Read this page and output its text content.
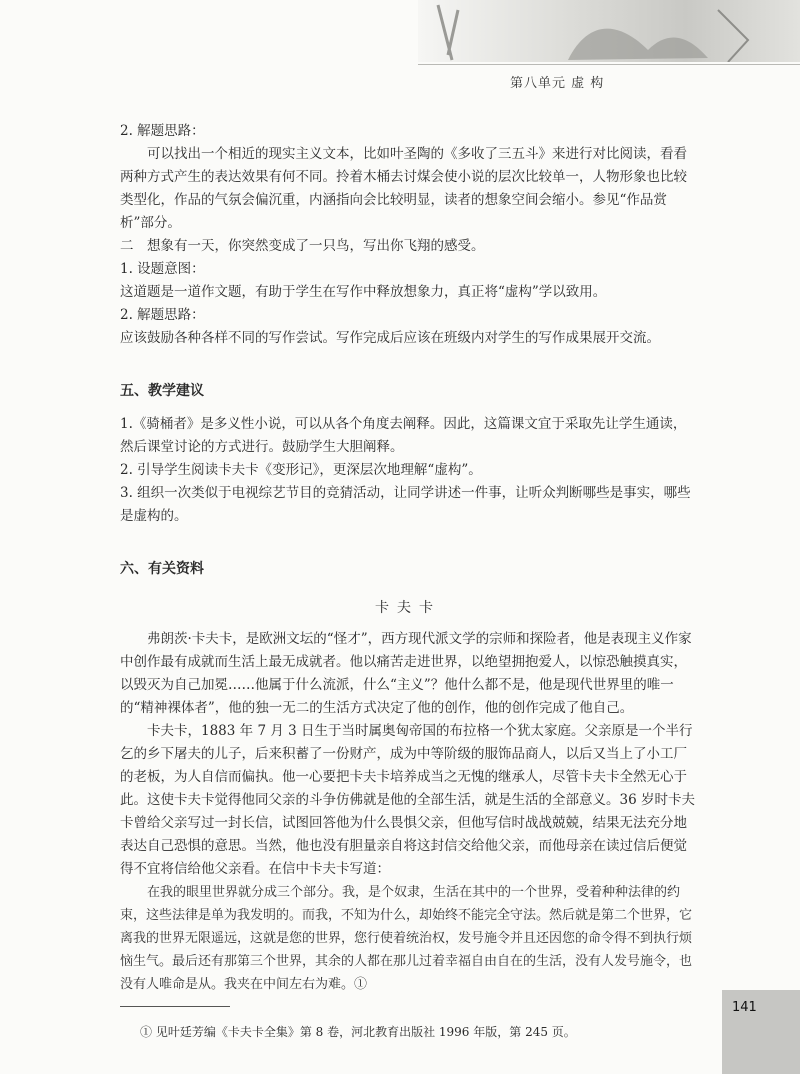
第八单元 虚 构

2. 解题思路：

可以找出一个相近的现实主义文本，比如叶圣陶的《多收了三五斗》来进行对比阅读，看看两种方式产生的表达效果有何不同。拎着木桶去讨煤会使小说的层次比较单一，人物形象也比较类型化，作品的气氛会偏沉重，内涵指向会比较明显，读者的想象空间会缩小。参见“作品赏析”部分。

二　想象有一天，你突然变成了一只鸟，写出你飞翔的感受。

1. 设题意图：

这道题是一道作文题，有助于学生在写作中释放想象力，真正将“虚构”学以致用。

2. 解题思路：

应该鼓励各种各样不同的写作尝试。写作完成后应该在班级内对学生的写作成果展开交流。

五、教学建议

1.《骑桶者》是多义性小说，可以从各个角度去阐释。因此，这篇课文宜于采取先让学生通读，然后课堂讨论的方式进行。鼓励学生大胆阐释。

2. 引导学生阅读卡夫卡《变形记》，更深层次地理解“虚构”。

3. 组织一次类似于电视综艺节目的竞猜活动，让同学讲述一件事，让听众判断哪些是事实，哪些是虚构的。

六、有关资料

卡夫卡

弗朗茨·卡夫卡，是欧洲文坛的“怪才”，西方现代派文学的宗师和探险者，他是表现主义作家中创作最有成就而生活上最无成就者。他以痛苦走进世界，以绝望拥抱爱人，以惊恐触摸真实，以毁灭为自己加冕……他属于什么流派，什么“主义”？他什么都不是，他是现代世界里的唯一的“精神裸体者”，他的独一无二的生活方式决定了他的创作，他的创作完成了他自己。

卡夫卡，1883 年 7 月 3 日生于当时属奥匈帝国的布拉格一个犹太家庭。父亲原是一个半行乞的乡下屠夫的儿子，后来积蓄了一份财产，成为中等阶级的服饰品商人，以后又当上了小工厂的老板，为人自信而偏执。他一心要把卡夫卡培养成当之无愧的继承人，尽管卡夫卡全然无心于此。这使卡夫卡觉得他同父亲的斗争仿佛就是他的全部生活，就是生活的全部意义。36 岁时卡夫卡曾给父亲写过一封长信，试图回答他为什么畏惧父亲，但他写信时战战兢兢，结果无法充分地表达自己恐惧的意思。当然，他也没有胆量亲自将这封信交给他父亲，而他母亲在读过信后便觉得不宜将信给他父亲看。在信中卡夫卡写道：

在我的眼里世界就分成三个部分。我，是个奴隶，生活在其中的一个世界，受着种种法律的约束，这些法律是单为我发明的。而我，不知为什么，却始终不能完全守法。然后就是第二个世界，它离我的世界无限遥远，这就是您的世界，您行使着统治权，发号施令并且还因您的命令得不到执行烦恼生气。最后还有那第三个世界，其余的人都在那儿过着幸福自由自在的生活，没有人发号施令，也没有人唯命是从。我夹在中间左右为难。①

① 见叶廷芳编《卡夫卡全集》第 8 卷，河北教育出版社 1996 年版，第 245 页。

141
